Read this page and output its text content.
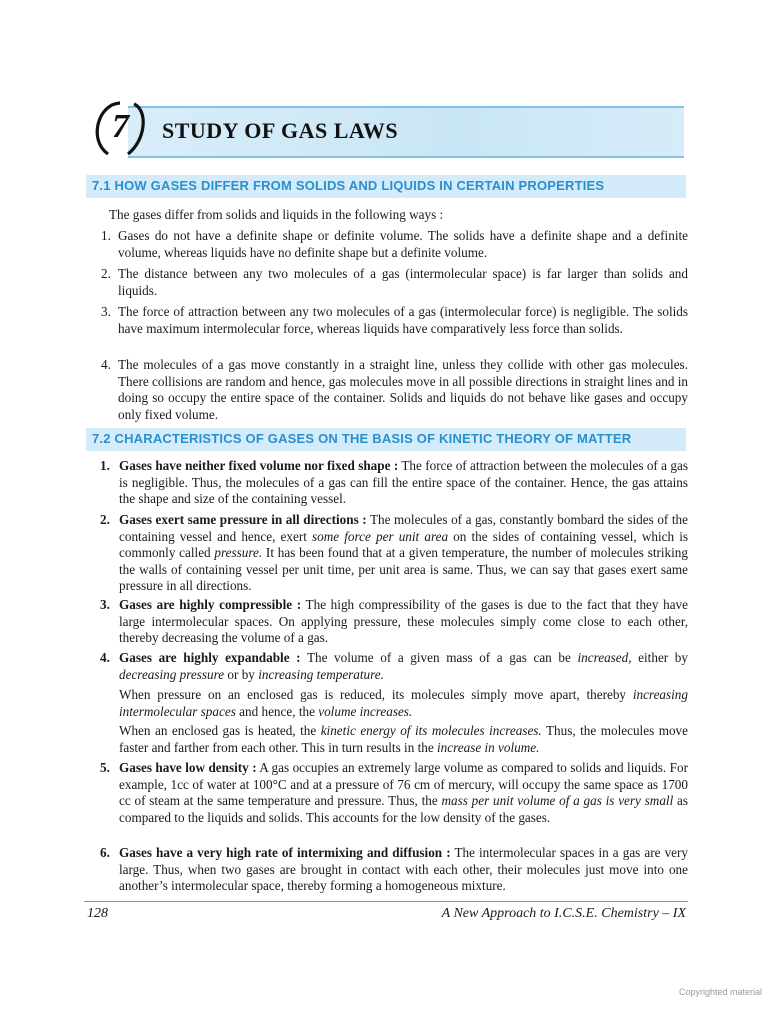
7 STUDY OF GAS LAWS
7.1 HOW GASES DIFFER FROM SOLIDS AND LIQUIDS IN CERTAIN PROPERTIES
The gases differ from solids and liquids in the following ways :
1. Gases do not have a definite shape or definite volume. The solids have a definite shape and a definite volume, whereas liquids have no definite shape but a definite volume.
2. The distance between any two molecules of a gas (intermolecular space) is far larger than solids and liquids.
3. The force of attraction between any two molecules of a gas (intermolecular force) is negligible. The solids have maximum intermolecular force, whereas liquids have comparatively less force than solids.
4. The molecules of a gas move constantly in a straight line, unless they collide with other gas molecules. There collisions are random and hence, gas molecules move in all possible directions in straight lines and in doing so occupy the entire space of the container. Solids and liquids do not behave like gases and occupy only fixed volume.
7.2 CHARACTERISTICS OF GASES ON THE BASIS OF KINETIC THEORY OF MATTER
1. Gases have neither fixed volume nor fixed shape : The force of attraction between the molecules of a gas is negligible. Thus, the molecules of a gas can fill the entire space of the container. Hence, the gas attains the shape and size of the containing vessel.
2. Gases exert same pressure in all directions : The molecules of a gas, constantly bombard the sides of the containing vessel and hence, exert some force per unit area on the sides of containing vessel, which is commonly called pressure. It has been found that at a given temperature, the number of molecules striking the walls of containing vessel per unit time, per unit area is same. Thus, we can say that gases exert same pressure in all directions.
3. Gases are highly compressible : The high compressibility of the gases is due to the fact that they have large intermolecular spaces. On applying pressure, these molecules simply come close to each other, thereby decreasing the volume of a gas.
4. Gases are highly expandable : The volume of a given mass of a gas can be increased, either by decreasing pressure or by increasing temperature.
When pressure on an enclosed gas is reduced, its molecules simply move apart, thereby increasing intermolecular spaces and hence, the volume increases.
When an enclosed gas is heated, the kinetic energy of its molecules increases. Thus, the molecules move faster and farther from each other. This in turn results in the increase in volume.
5. Gases have low density : A gas occupies an extremely large volume as compared to solids and liquids. For example, 1cc of water at 100°C and at a pressure of 76 cm of mercury, will occupy the same space as 1700 cc of steam at the same temperature and pressure. Thus, the mass per unit volume of a gas is very small as compared to the liquids and solids. This accounts for the low density of the gases.
6. Gases have a very high rate of intermixing and diffusion : The intermolecular spaces in a gas are very large. Thus, when two gases are brought in contact with each other, their molecules just move into one another’s intermolecular space, thereby forming a homogeneous mixture.
128	A New Approach to I.C.S.E. Chemistry – IX
Copyrighted material
